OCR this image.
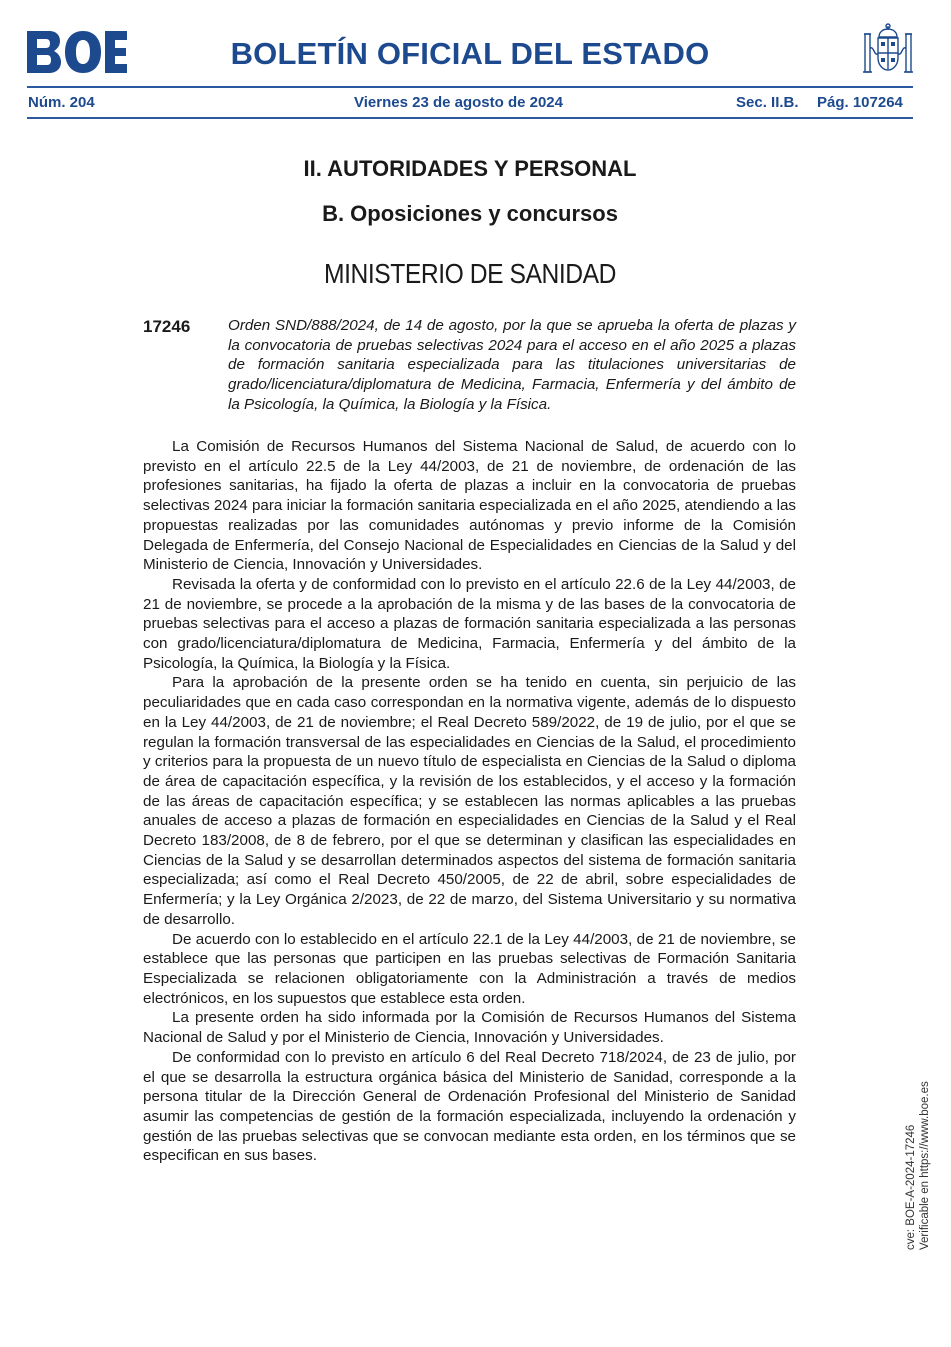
BOLETÍN OFICIAL DEL ESTADO
Núm. 204	Viernes 23 de agosto de 2024	Sec. II.B. Pág. 107264
II. AUTORIDADES Y PERSONAL
B. Oposiciones y concursos
MINISTERIO DE SANIDAD
17246 Orden SND/888/2024, de 14 de agosto, por la que se aprueba la oferta de plazas y la convocatoria de pruebas selectivas 2024 para el acceso en el año 2025 a plazas de formación sanitaria especializada para las titulaciones universitarias de grado/licenciatura/diplomatura de Medicina, Farmacia, Enfermería y del ámbito de la Psicología, la Química, la Biología y la Física.

La Comisión de Recursos Humanos del Sistema Nacional de Salud, de acuerdo con lo previsto en el artículo 22.5 de la Ley 44/2003, de 21 de noviembre, de ordenación de las profesiones sanitarias, ha fijado la oferta de plazas a incluir en la convocatoria de pruebas selectivas 2024 para iniciar la formación sanitaria especializada en el año 2025, atendiendo a las propuestas realizadas por las comunidades autónomas y previo informe de la Comisión Delegada de Enfermería, del Consejo Nacional de Especialidades en Ciencias de la Salud y del Ministerio de Ciencia, Innovación y Universidades.

Revisada la oferta y de conformidad con lo previsto en el artículo 22.6 de la Ley 44/2003, de 21 de noviembre, se procede a la aprobación de la misma y de las bases de la convocatoria de pruebas selectivas para el acceso a plazas de formación sanitaria especializada a las personas con grado/licenciatura/diplomatura de Medicina, Farmacia, Enfermería y del ámbito de la Psicología, la Química, la Biología y la Física.

Para la aprobación de la presente orden se ha tenido en cuenta, sin perjuicio de las peculiaridades que en cada caso correspondan en la normativa vigente, además de lo dispuesto en la Ley 44/2003, de 21 de noviembre; el Real Decreto 589/2022, de 19 de julio, por el que se regulan la formación transversal de las especialidades en Ciencias de la Salud, el procedimiento y criterios para la propuesta de un nuevo título de especialista en Ciencias de la Salud o diploma de área de capacitación específica, y la revisión de los establecidos, y el acceso y la formación de las áreas de capacitación específica; y se establecen las normas aplicables a las pruebas anuales de acceso a plazas de formación en especialidades en Ciencias de la Salud y el Real Decreto 183/2008, de 8 de febrero, por el que se determinan y clasifican las especialidades en Ciencias de la Salud y se desarrollan determinados aspectos del sistema de formación sanitaria especializada; así como el Real Decreto 450/2005, de 22 de abril, sobre especialidades de Enfermería; y la Ley Orgánica 2/2023, de 22 de marzo, del Sistema Universitario y su normativa de desarrollo.

De acuerdo con lo establecido en el artículo 22.1 de la Ley 44/2003, de 21 de noviembre, se establece que las personas que participen en las pruebas selectivas de Formación Sanitaria Especializada se relacionen obligatoriamente con la Administración a través de medios electrónicos, en los supuestos que establece esta orden.

La presente orden ha sido informada por la Comisión de Recursos Humanos del Sistema Nacional de Salud y por el Ministerio de Ciencia, Innovación y Universidades.

De conformidad con lo previsto en artículo 6 del Real Decreto 718/2024, de 23 de julio, por el que se desarrolla la estructura orgánica básica del Ministerio de Sanidad, corresponde a la persona titular de la Dirección General de Ordenación Profesional del Ministerio de Sanidad asumir las competencias de gestión de la formación especializada, incluyendo la ordenación y gestión de las pruebas selectivas que se convocan mediante esta orden, en los términos que se especifican en sus bases.	cve: BOE-A-2024-17246 Verificable en https://www.boe.es
